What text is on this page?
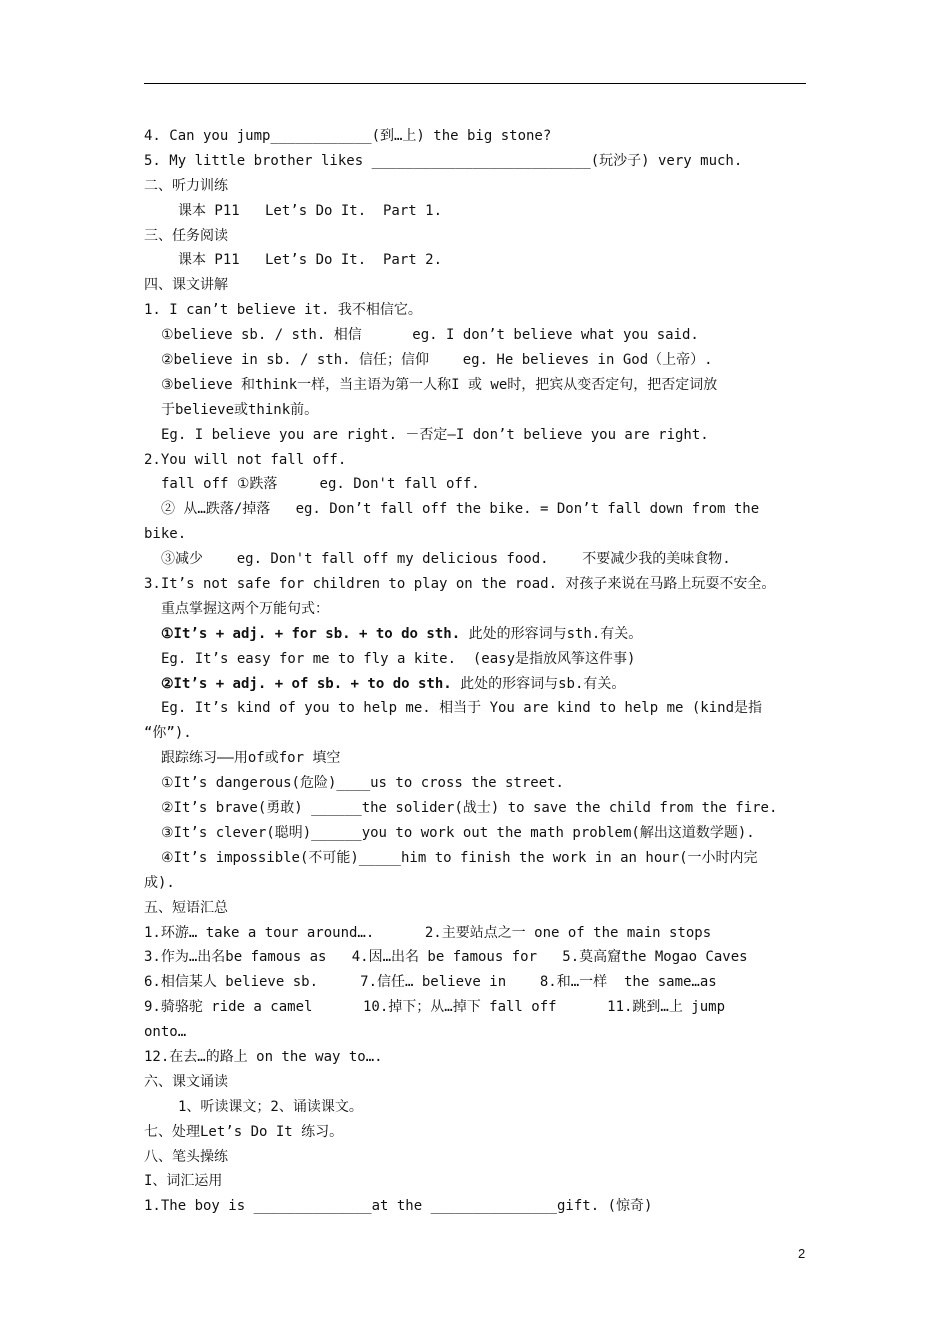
4. Can you jump____________(到…上) the big stone?
5. My little brother likes __________________________(玩沙子) very much.
二、听力训练
课本 P11   Let’s Do It.  Part 1.
三、任务阅读
课本 P11   Let’s Do It.  Part 2.
四、课文讲解
1. I can’t believe it. 我不相信它。
①believe sb. / sth. 相信      eg. I don’t believe what you said.
②believe in sb. / sth. 信任；信仰    eg. He believes in God（上帝）.
③believe 和think一样，当主语为第一人称I 或 we时，把宾从变否定句，把否定词放
于believe或think前。
Eg. I believe you are right. －否定—I don’t believe you are right.
2.You will not fall off.
fall off ①跌落     eg. Don't fall off.
② 从…跌落/掉落   eg. Don’t fall off the bike. = Don’t fall down from the
bike.
③减少    eg. Don't fall off my delicious food.    不要减少我的美味食物.
3.It’s not safe for children to play on the road. 对孩子来说在马路上玩耍不安全。
重点掌握这两个万能句式：
①It’s + adj. + for sb. + to do sth. 此处的形容词与sth.有关。
Eg. It’s easy for me to fly a kite.  (easy是指放风筝这件事)
②It’s + adj. + of sb. + to do sth. 此处的形容词与sb.有关。
Eg. It’s kind of you to help me. 相当于 You are kind to help me (kind是指
“你”).
跟踪练习——用of或for 填空
①It’s dangerous(危险)____us to cross the street.
②It’s brave(勇敢) ______the solider(战士) to save the child from the fire.
③It’s clever(聪明)______you to work out the math problem(解出这道数学题).
④It’s impossible(不可能)_____him to finish the work in an hour(一小时内完
成).
五、短语汇总
1.环游… take a tour around….      2.主要站点之一 one of the main stops
3.作为…出名be famous as   4.因…出名 be famous for   5.莫高窟the Mogao Caves
6.相信某人 believe sb.     7.信任… believe in    8.和…一样  the same…as
9.骑骆驼 ride a camel      10.掉下；从…掉下 fall off      11.跳到…上 jump
onto…
12.在去…的路上 on the way to….
六、课文诵读
1、听读课文；2、诵读课文。
七、处理Let’s Do It 练习。
八、笔头操练
I、词汇运用
1.The boy is ______________at the _______________gift. (惊奇)
2
